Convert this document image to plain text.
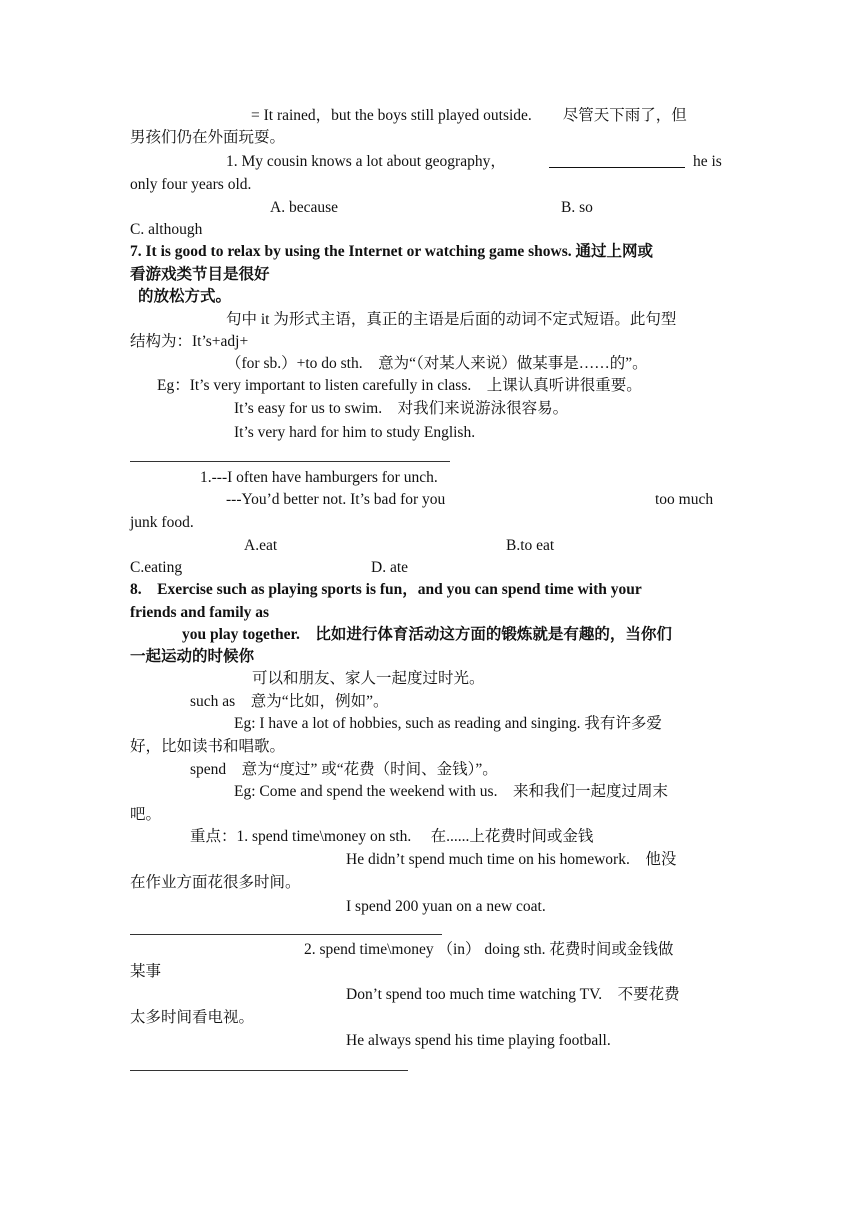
= It rained，but the boys still played outside.　　尽管天下雨了，但
男孩们仍在外面玩耍。
1. My cousin knows a lot about geography，	he is
only four years old.
A. because	B. so
C. although
7. It is good to relax by using the Internet or watching game shows. 通过上网或
看游戏类节目是很好
的放松方式。
句中 it 为形式主语，真正的主语是后面的动词不定式短语。此句型
结构为：It’s+adj+
（for sb.）+to do sth.　意为“（对某人来说）做某事是……的”。
Eg：It’s very important to listen carefully in class.　上课认真听讲很重要。
It’s easy for us to swim.　对我们来说游泳很容易。
It’s very hard for him to study English.
1.---I often have hamburgers for unch.
---You’d better not. It’s bad for you	too much
junk food.
A.eat	B.to eat
C.eating	D. ate
8.　Exercise such as playing sports is fun，and you can spend time with your
friends and family as
you play together.　比如进行体育活动这方面的锻炼就是有趣的，当你们
一起运动的时候你
可以和朋友、家人一起度过时光。
such as　意为“比如，例如”。
Eg: I have a lot of hobbies, such as reading and singing. 我有许多爱
好，比如读书和唱歌。
spend　意为“度过” 或“花费（时间、金钱）”。
Eg: Come and spend the weekend with us.　来和我们一起度过周末
吧。
重点：1. spend time\money on sth.　 在......上花费时间或金钱
He didn’t spend much time on his homework.　他没
在作业方面花很多时间。
I spend 200 yuan on a new coat.
2. spend time\money （in） doing sth. 花费时间或金钱做
某事
Don’t spend too much time watching TV.　不要花费
太多时间看电视。
He always spend his time playing football.
